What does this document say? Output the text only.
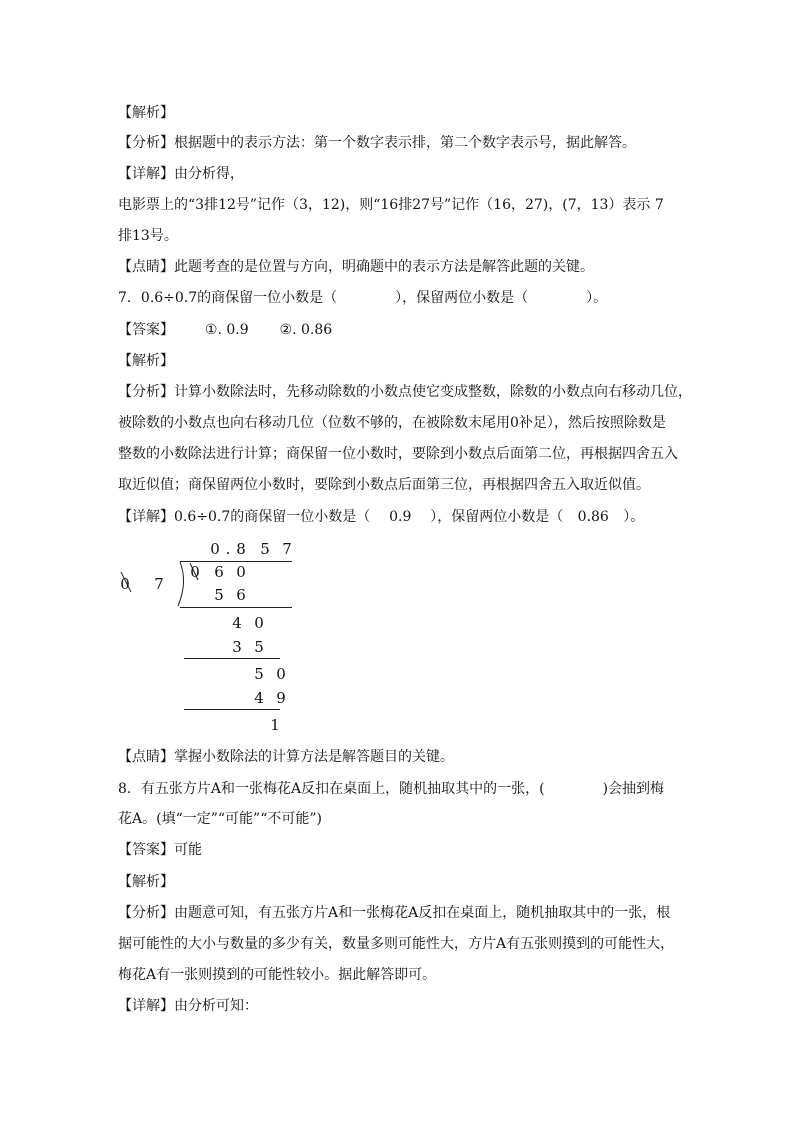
【解析】
【分析】根据题中的表示方法：第一个数字表示排，第二个数字表示号，据此解答。
【详解】由分析得，
电影票上的“3排12号”记作（3，12)，则“16排27号”记作（16，27)，(7，13）表示 7
排13号。
【点睛】此题考查的是位置与方向，明确题中的表示方法是解答此题的关键。
7．0.6÷0.7的商保留一位小数是（	），保留两位小数是（	）。
【答案】 ①. 0.9 ②. 0.86
【解析】
【分析】计算小数除法时，先移动除数的小数点使它变成整数，除数的小数点向右移动几位，
被除数的小数点也向右移动几位（位数不够的，在被除数末尾用0补足），然后按照除数是
整数的小数除法进行计算；商保留一位小数时，要除到小数点后面第二位，再根据四舍五入
取近似值；商保留两位小数时，要除到小数点后面第三位，再根据四舍五入取近似值。
【详解】0.6÷0.7的商保留一位小数是（ 0.9 ），保留两位小数是（ 0.86 ）。
0 . 8 5 7
0 7
0 6 0
5 6
4 0
3 5
5 0
4 9
1
【点睛】掌握小数除法的计算方法是解答题目的关键。
8．有五张方片A和一张梅花A反扣在桌面上，随机抽取其中的一张，(	)会抽到梅
花A。(填“一定”“可能”“不可能”)
【答案】可能
【解析】
【分析】由题意可知，有五张方片A和一张梅花A反扣在桌面上，随机抽取其中的一张，根
据可能性的大小与数量的多少有关，数量多则可能性大，方片A有五张则摸到的可能性大，
梅花A有一张则摸到的可能性较小。据此解答即可。
【详解】由分析可知：
